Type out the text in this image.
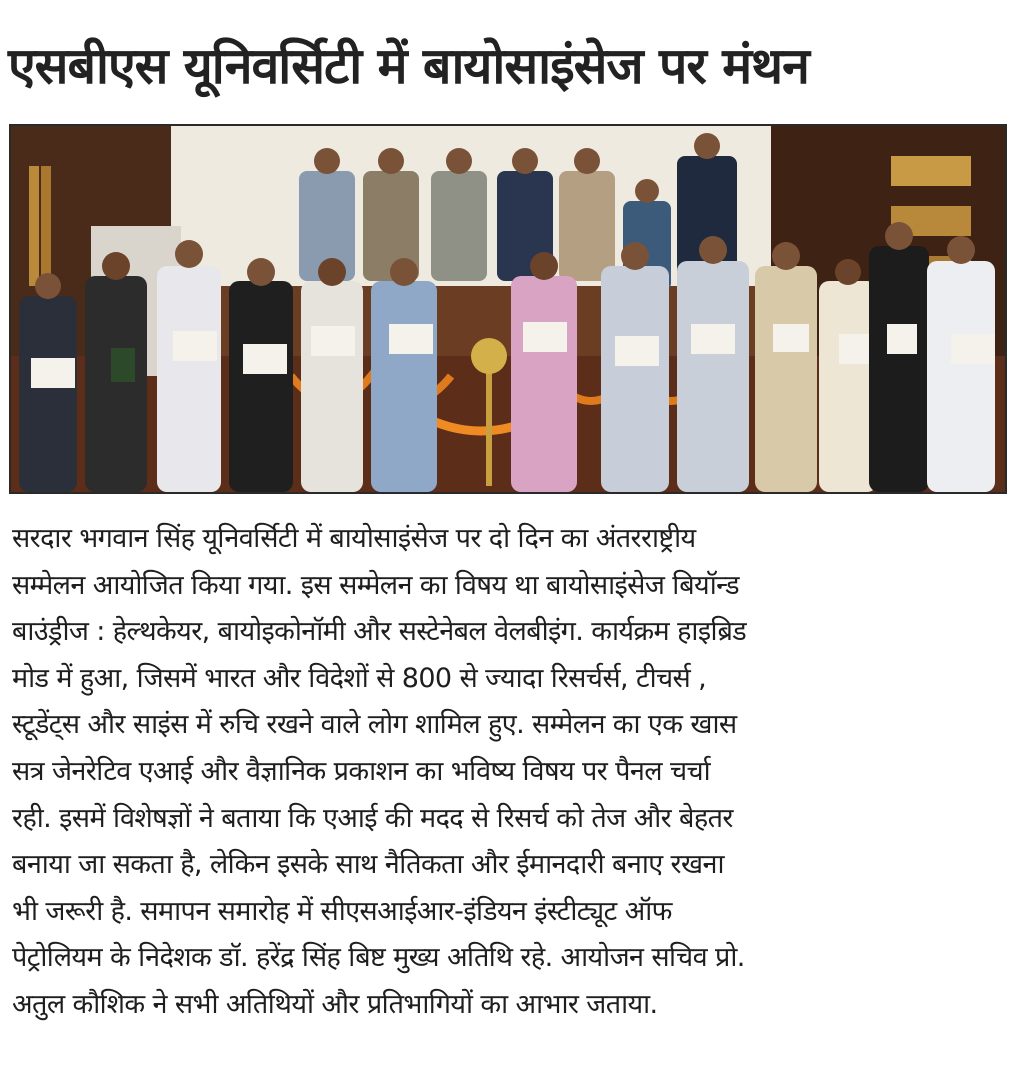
एसबीएस यूनिवर्सिटी में बायोसाइंसेज पर मंथन
सरदार भगवान सिंह यूनिवर्सिटी में बायोसाइंसेज पर दो दिन का अंतरराष्ट्रीय
सम्मेलन आयोजित किया गया. इस सम्मेलन का विषय था बायोसाइंसेज बियॉन्ड
बाउंड्रीज : हेल्थकेयर, बायोइकोनॉमी और सस्टेनेबल वेलबीइंग. कार्यक्रम हाइब्रिड
मोड में हुआ, जिसमें भारत और विदेशों से 800 से ज्यादा रिसर्चर्स, टीचर्स ,
स्टूडेंट्स और साइंस में रुचि रखने वाले लोग शामिल हुए. सम्मेलन का एक खास
सत्र जेनरेटिव एआई और वैज्ञानिक प्रकाशन का भविष्य विषय पर पैनल चर्चा
रही. इसमें विशेषज्ञों ने बताया कि एआई की मदद से रिसर्च को तेज और बेहतर
बनाया जा सकता है, लेकिन इसके साथ नैतिकता और ईमानदारी बनाए रखना
भी जरूरी है. समापन समारोह में सीएसआईआर-इंडियन इंस्टीट्यूट ऑफ
पेट्रोलियम के निदेशक डॉ. हरेंद्र सिंह बिष्ट मुख्य अतिथि रहे. आयोजन सचिव प्रो.
अतुल कौशिक ने सभी अतिथियों और प्रतिभागियों का आभार जताया.
